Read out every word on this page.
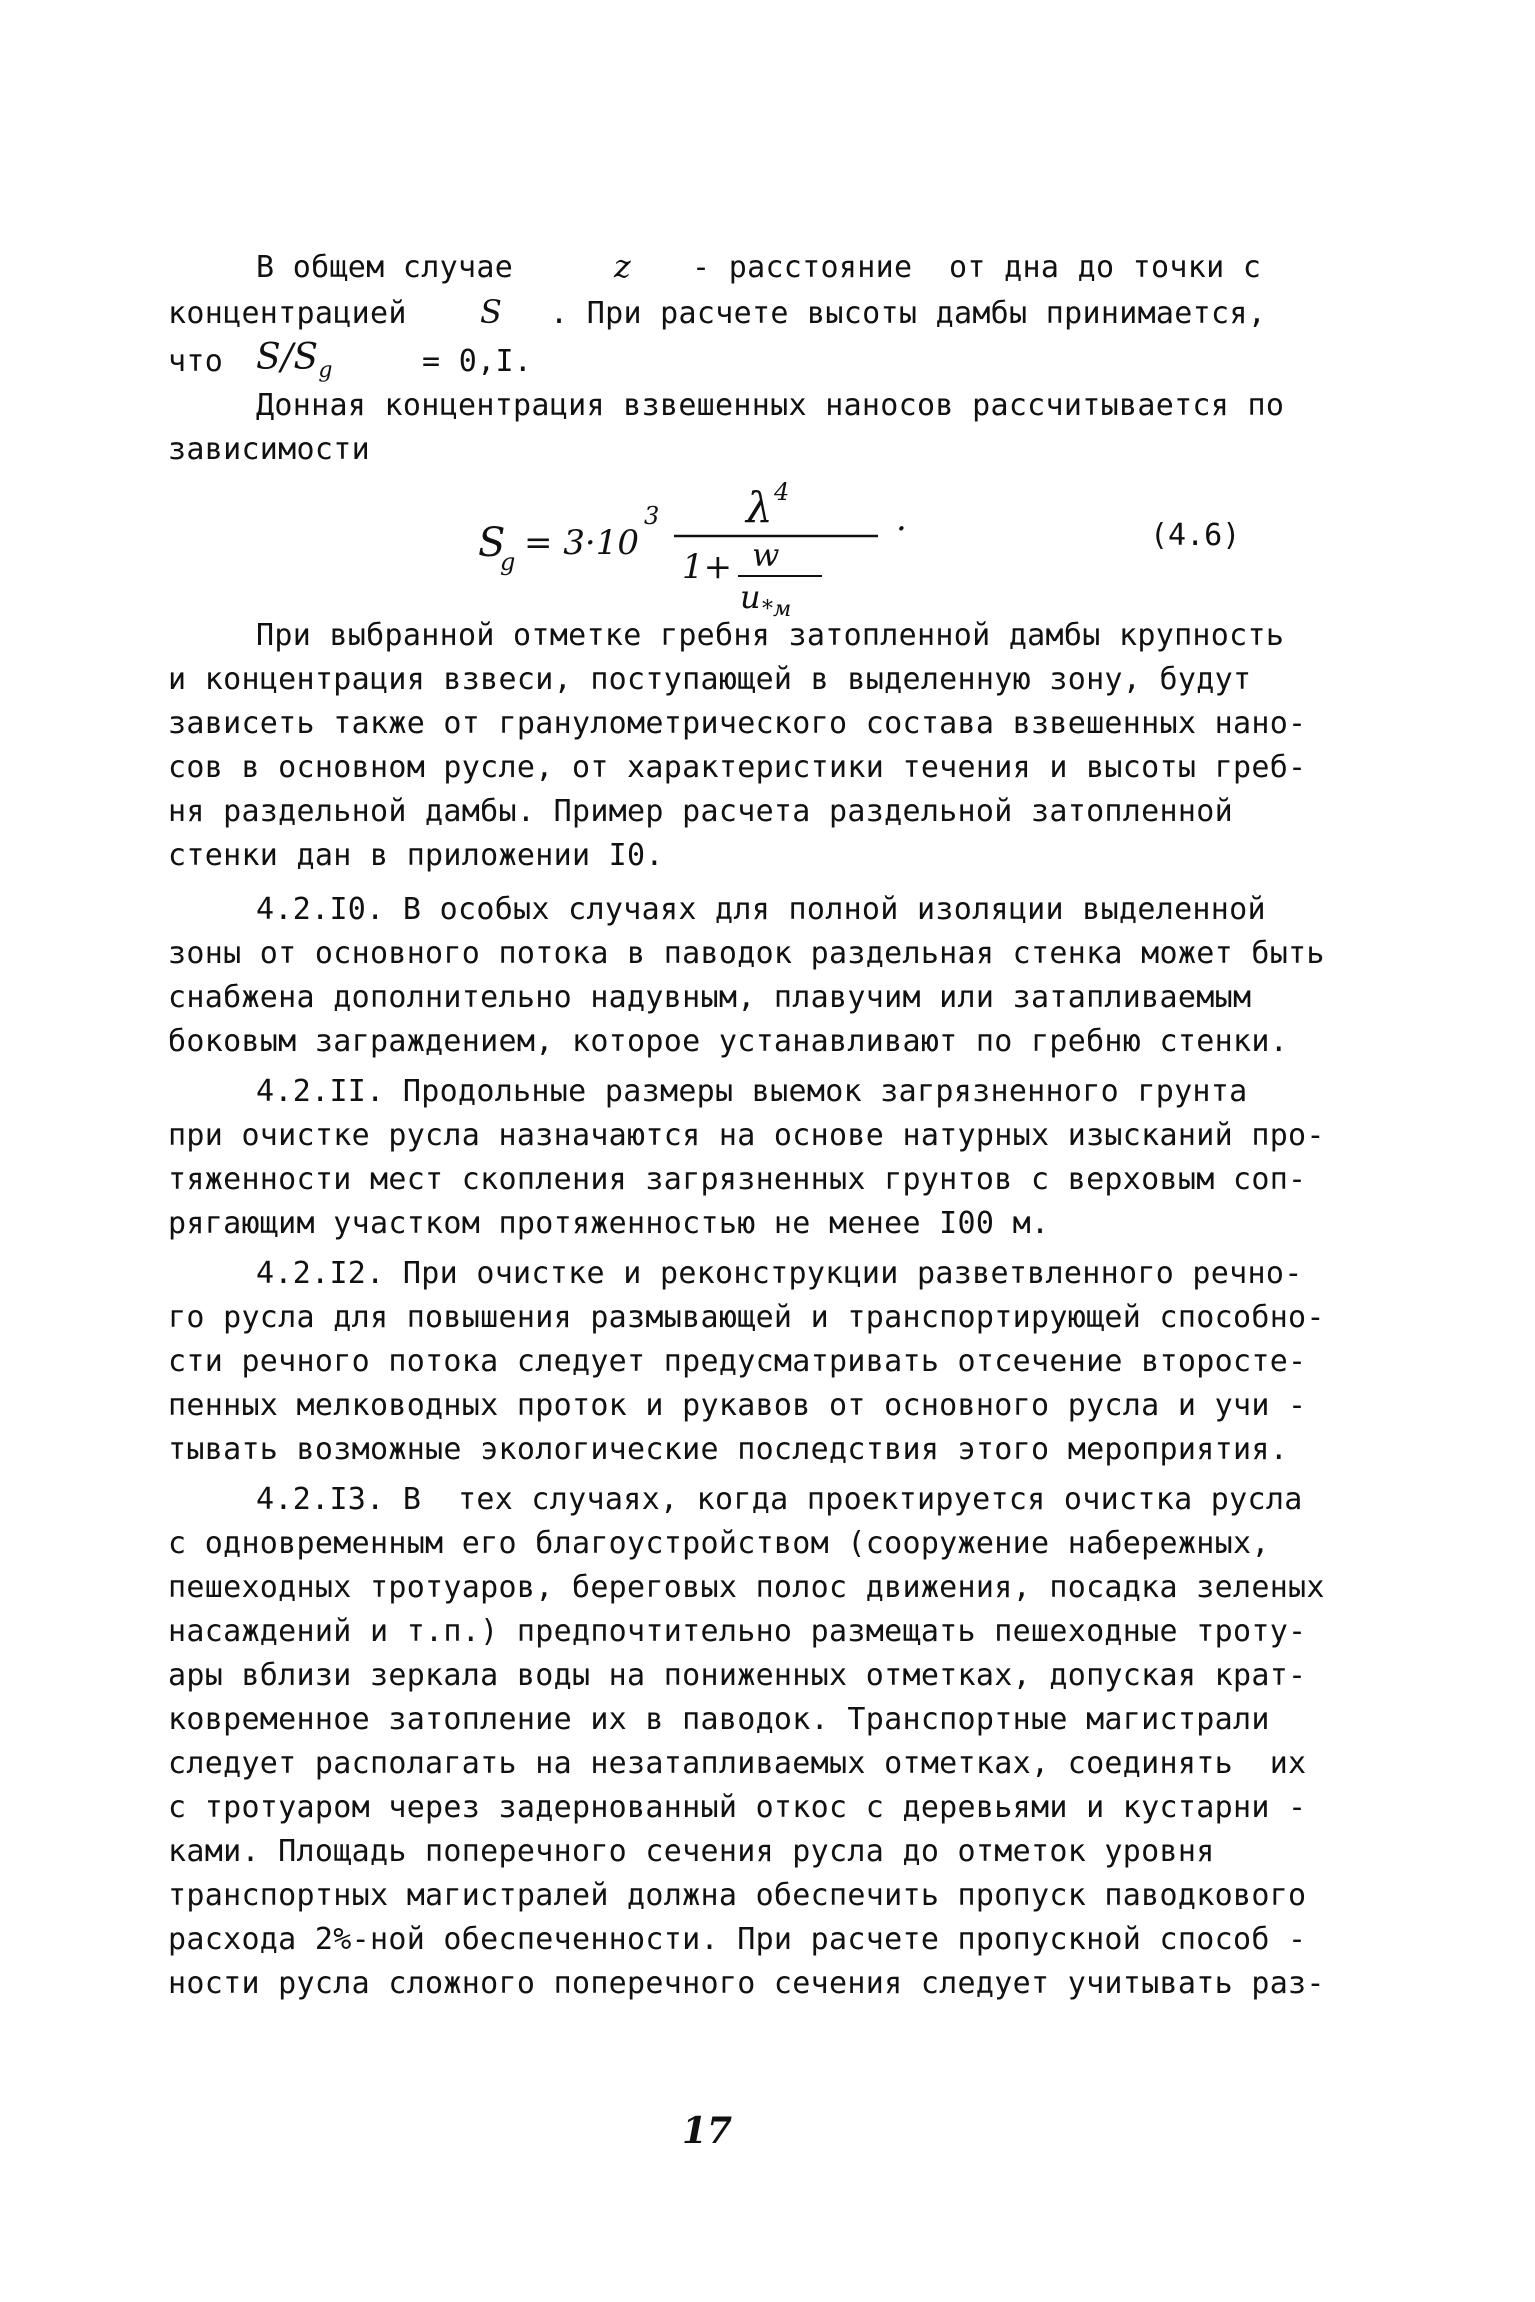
В общем случае	z - расстояние  от дна до точки с
концентрацией S . При расчете высоты дамбы принимается,
что $S/S_g$	= 0,I.
Донная концентрация взвешенных наносов рассчитывается по
зависимости
S
g = 3·10
3 λ 4
1+ w
u *м
·	(4.6)
При выбранной отметке гребня затопленной дамбы крупность
и концентрация взвеси, поступающей в выделенную зону, будут
зависеть также от гранулометрического состава взвешенных нано-
сов в основном русле, от характеристики течения и высоты греб-
ня раздельной дамбы. Пример расчета раздельной затопленной
стенки дан в приложении I0.
4.2.I0. В особых случаях для полной изоляции выделенной
зоны от основного потока в паводок раздельная стенка может быть
снабжена дополнительно надувным, плавучим или затапливаемым
боковым заграждением, которое устанавливают по гребню стенки.
4.2.II. Продольные размеры выемок загрязненного грунта
при очистке русла назначаются на основе натурных изысканий про-
тяженности мест скопления загрязненных грунтов с верховым соп-
рягающим участком протяженностью не менее I00 м.
4.2.I2. При очистке и реконструкции разветвленного речно-
го русла для повышения размывающей и транспортирующей способно-
сти речного потока следует предусматривать отсечение второсте-
пенных мелководных проток и рукавов от основного русла и учи -
тывать возможные экологические последствия этого мероприятия.
4.2.I3. В  тех случаях, когда проектируется очистка русла
с одновременным его благоустройством (сооружение набережных,
пешеходных тротуаров, береговых полос движения, посадка зеленых
насаждений и т.п.) предпочтительно размещать пешеходные троту-
ары вблизи зеркала воды на пониженных отметках, допуская крат-
ковременное затопление их в паводок. Транспортные магистрали
следует располагать на незатапливаемых отметках, соединять  их
с тротуаром через задернованный откос с деревьями и кустарни -
ками. Площадь поперечного сечения русла до отметок уровня
транспортных магистралей должна обеспечить пропуск паводкового
расхода 2%-ной обеспеченности. При расчете пропускной способ -
ности русла сложного поперечного сечения следует учитывать раз-
17
